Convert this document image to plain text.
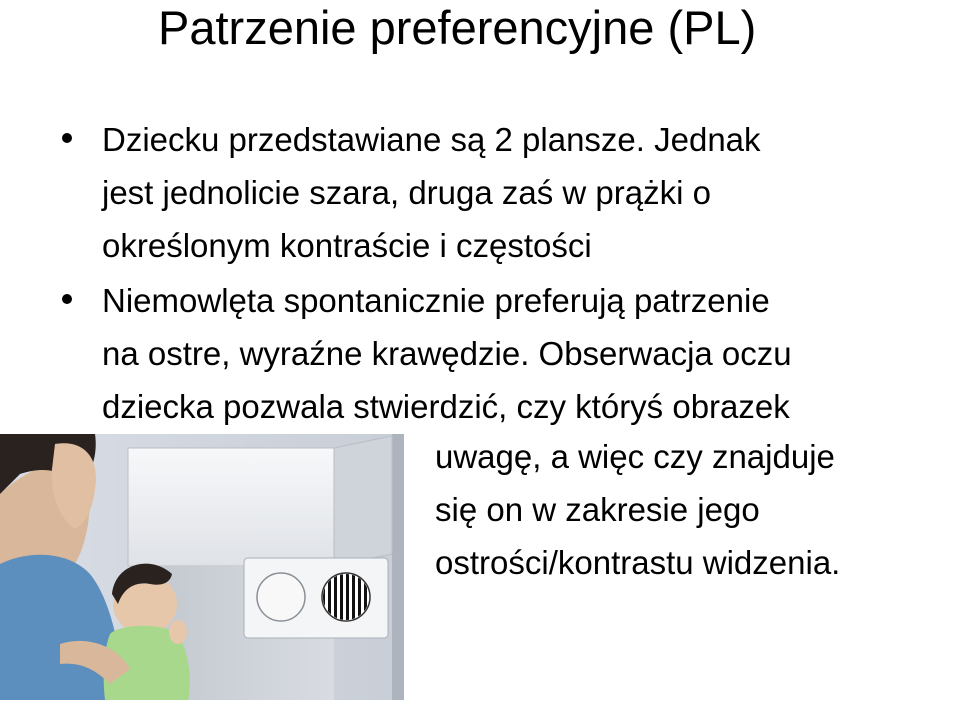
Patrzenie preferencyjne (PL)
Dziecku przedstawiane są 2 plansze. Jednak
jest jednolicie szara, druga zaś w prążki o
określonym kontraście i częstości
Niemowlęta spontanicznie preferują patrzenie
na ostre, wyraźne krawędzie. Obserwacja oczu
dziecka pozwala stwierdzić, czy któryś obrazek
uwagę, a więc czy znajduje
się on w zakresie jego
ostrości/kontrastu widzenia.
